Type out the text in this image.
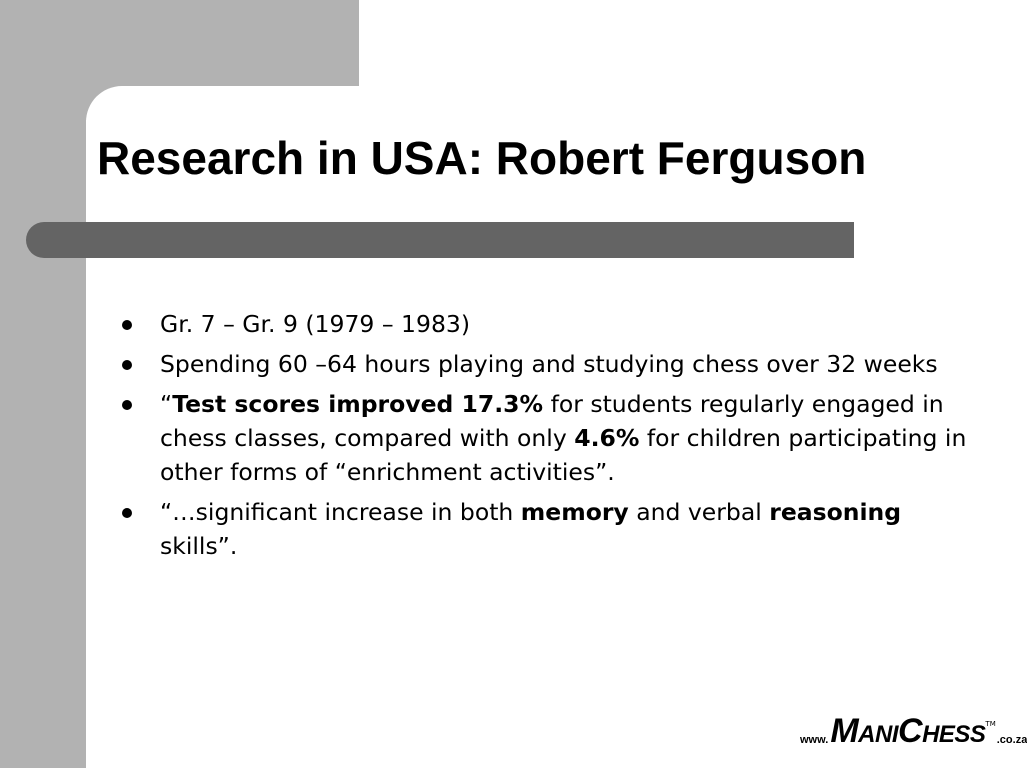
Research in USA: Robert Ferguson
Gr. 7 – Gr. 9 (1979 – 1983)
Spending 60 –64 hours playing and studying chess over 32 weeks
“Test scores improved 17.3% for students regularly engaged in chess classes, compared with only 4.6% for children participating in other forms of “enrichment activities”.
“…significant increase in both memory and verbal reasoning skills”.
www. MANICHESS TM
.co.za
